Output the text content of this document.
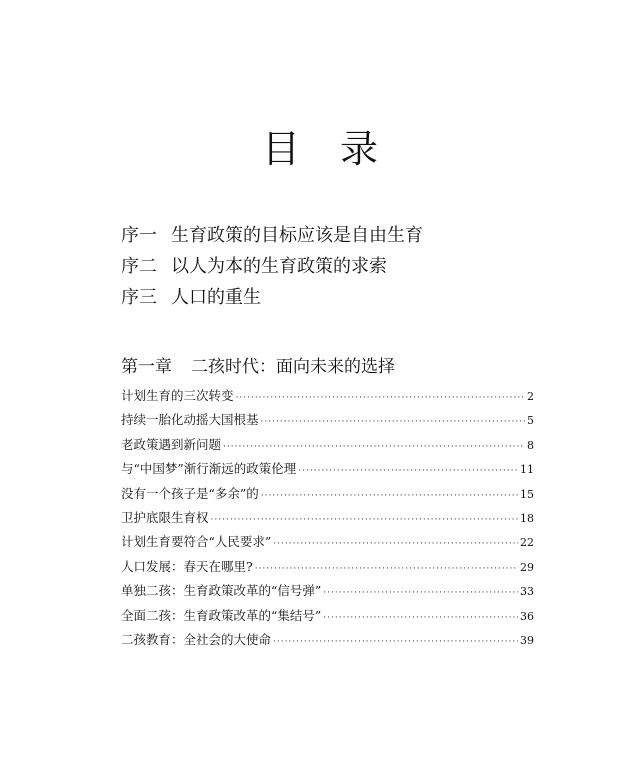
目录
序一 生育政策的目标应该是自由生育
序二 以人为本的生育政策的求索
序三 人口的重生
第一章 二孩时代：面向未来的选择
计划生育的三次转变 ·····	2
持续一胎化动摇大国根基 ·····	5
老政策遇到新问题 ·····	8
与“中国梦”渐行渐远的政策伦理 ·····	11
没有一个孩子是“多余”的 ·····	15
卫护底限生育权 ·····	18
计划生育要符合“人民要求” ·····	22
人口发展：春天在哪里? ·····	29
单独二孩：生育政策改革的“信号弹” ·····	33
全面二孩：生育政策改革的“集结号” ·····	36
二孩教育：全社会的大使命 ·····	39
